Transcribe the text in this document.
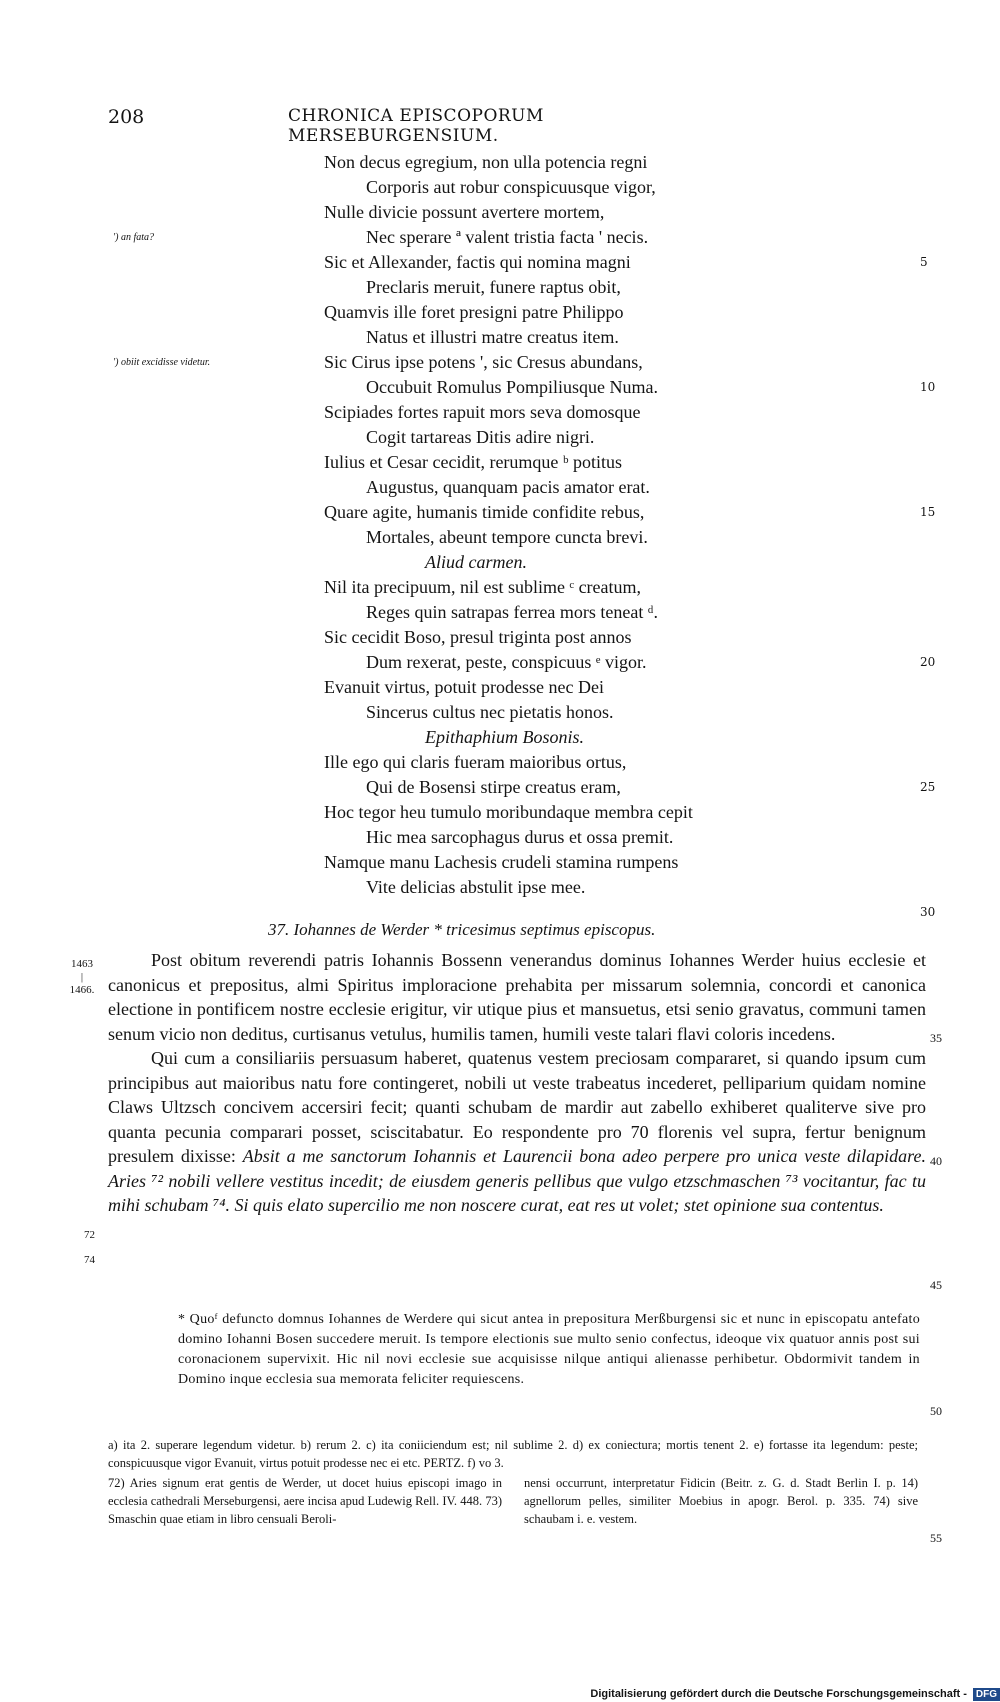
208	CHRONICA EPISCOPORUM MERSEBURGENSIUM.
Non decus egregium, non ulla potencia regni
Corporis aut robur conspicuusque vigor,
Nulle divicie possunt avertere mortem,
Nec sperare ª valent tristia facta ' necis.
Sic et Allexander, factis qui nomina magni
Preclaris meruit, funere raptus obit,
Quamvis ille foret presigni patre Philippo
Natus et illustri matre creatus item.
Sic Cirus ipse potens ', sic Cresus abundans,
Occubuit Romulus Pompiliusque Numa.
Scipiades fortes rapuit mors seva domosque
Cogit tartareas Ditis adire nigri.
Iulius et Cesar cecidit, rerumque ᵇ potitus
Augustus, quanquam pacis amator erat.
Quare agite, humanis timide confidite rebus,
Mortales, abeunt tempore cuncta brevi.
Aliud carmen.
Nil ita precipuum, nil est sublime ᶜ creatum,
Reges quin satrapas ferrea mors teneat ᵈ.
Sic cecidit Boso, presul triginta post annos
Dum rexerat, peste, conspicuus ᵉ vigor.
Evanuit virtus, potuit prodesse nec Dei
Sincerus cultus nec pietatis honos.
Epithaphium Bosonis.
Ille ego qui claris fueram maioribus ortus,
Qui de Bosensi stirpe creatus eram,
Hoc tegor heu tumulo moribundaque membra cepit
Hic mea sarcophagus durus et ossa premit.
Namque manu Lachesis crudeli stamina rumpens
Vite delicias abstulit ipse mee.
5
10
15
20
25
30
') an fata?
') obiit excidisse videtur.
37. Iohannes de Werder * tricesimus septimus episcopus.
1463
|
1466.

Post obitum reverendi patris Iohannis Bossenn venerandus dominus Iohannes Werder huius ecclesie et canonicus et prepositus, almi Spiritus imploracione prehabita per missarum solemnia, concordi et canonica electione in pontificem nostre ecclesie erigitur, vir utique pius et mansuetus, etsi senio gravatus, communi tamen senum vicio non deditus, curtisanus vetulus, humilis tamen, humili veste talari flavi coloris incedens.

Qui cum a consiliariis persuasum haberet, quatenus vestem preciosam compararet, si quando ipsum cum principibus aut maioribus natu fore contingeret, nobili ut veste trabeatus incederet, pelliparium quidam nomine Claws Ultzsch concivem accersiri fecit; quanti schubam de mardir aut zabello exhiberet qualiterve sive pro quanta pecunia comparari posset, sciscitabatur. Eo respondente pro 70 florenis vel supra, fertur benignum presulem dixisse: Absit a me sanctorum Iohannis et Laurencii bona adeo perpere pro unica veste dilapidare. Aries ⁷² nobili vellere vestitus incedit; de eiusdem generis pellibus que vulgo etzschmaschen ⁷³ vocitantur, fac tu mihi schubam ⁷⁴. Si quis elato supercilio me non noscere curat, eat res ut volet; stet opinione sua contentus.

35
40
45
72
74
* Quoᶠ defuncto domnus Iohannes de Werdere qui sicut antea in prepositura Merßburgensi sic et nunc in episcopatu antefato domino Iohanni Bosen succedere meruit. Is tempore electionis sue multo senio confectus, ideoque vix quatuor annis post sui coronacionem supervixit. Hic nil novi ecclesie sue acquisisse nilque antiqui alienasse perhibetur. Obdormivit tandem in Domino inque ecclesia sua memorata feliciter requiescens.
50

a) ita 2. superare legendum videtur. b) rerum 2. c) ita coniiciendum est; nil sublime 2. d) ex coniectura; mortis tenent 2. e) fortasse ita legendum: peste; conspicuusque vigor Evanuit, virtus potuit prodesse nec ei etc. PERTZ. f) vo 3.

72) Aries signum erat gentis de Werder, ut docet huius episcopi imago in ecclesia cathedrali Merseburgensi, aere incisa apud Ludewig Rell. IV. 448. 73) Smaschin quae etiam in libro censuali Beroli-
nensi occurrunt, interpretatur Fidicin (Beitr. z. G. d. Stadt Berlin I. p. 14) agnellorum pelles, similiter Moebius in apogr. Berol. p. 335. 74) sive schaubam i. e. vestem.
55
Digitalisierung gefördert durch die Deutsche Forschungsgemeinschaft - DFG
